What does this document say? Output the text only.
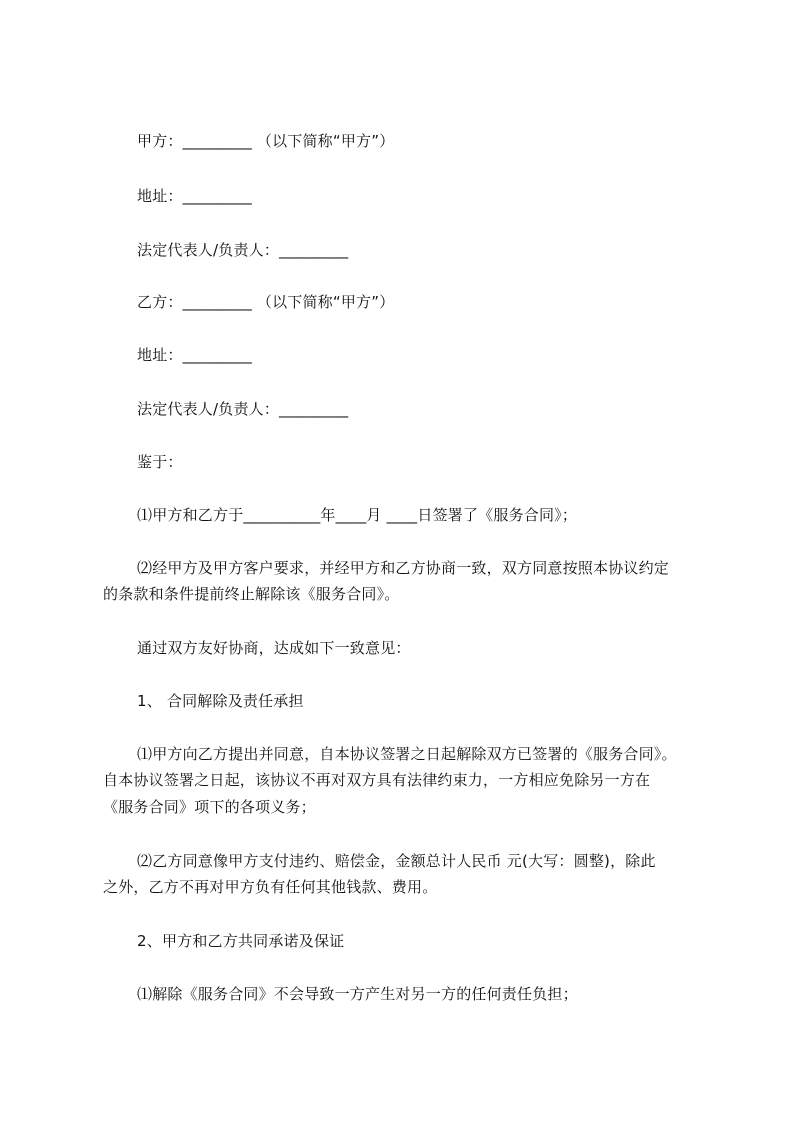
甲方：_________ （以下简称“甲方”）
地址：_________
法定代表人/负责人：_________
乙方：_________ （以下简称“甲方”）
地址：_________
法定代表人/负责人：_________
鉴于：
⑴甲方和乙方于__________年____月 ____日签署了《服务合同》；
⑵经甲方及甲方客户要求，并经甲方和乙方协商一致，双方同意按照本协议约定
的条款和条件提前终止解除该《服务合同》。
通过双方友好协商，达成如下一致意见：
1、 合同解除及责任承担
⑴甲方向乙方提出并同意，自本协议签署之日起解除双方已签署的《服务合同》。
自本协议签署之日起，该协议不再对双方具有法律约束力，一方相应免除另一方在
《服务合同》项下的各项义务；
⑵乙方同意像甲方支付违约、赔偿金，金额总计人民币 元(大写：圆整)，除此
之外，乙方不再对甲方负有任何其他钱款、费用。
2、甲方和乙方共同承诺及保证
⑴解除《服务合同》不会导致一方产生对另一方的任何责任负担；
